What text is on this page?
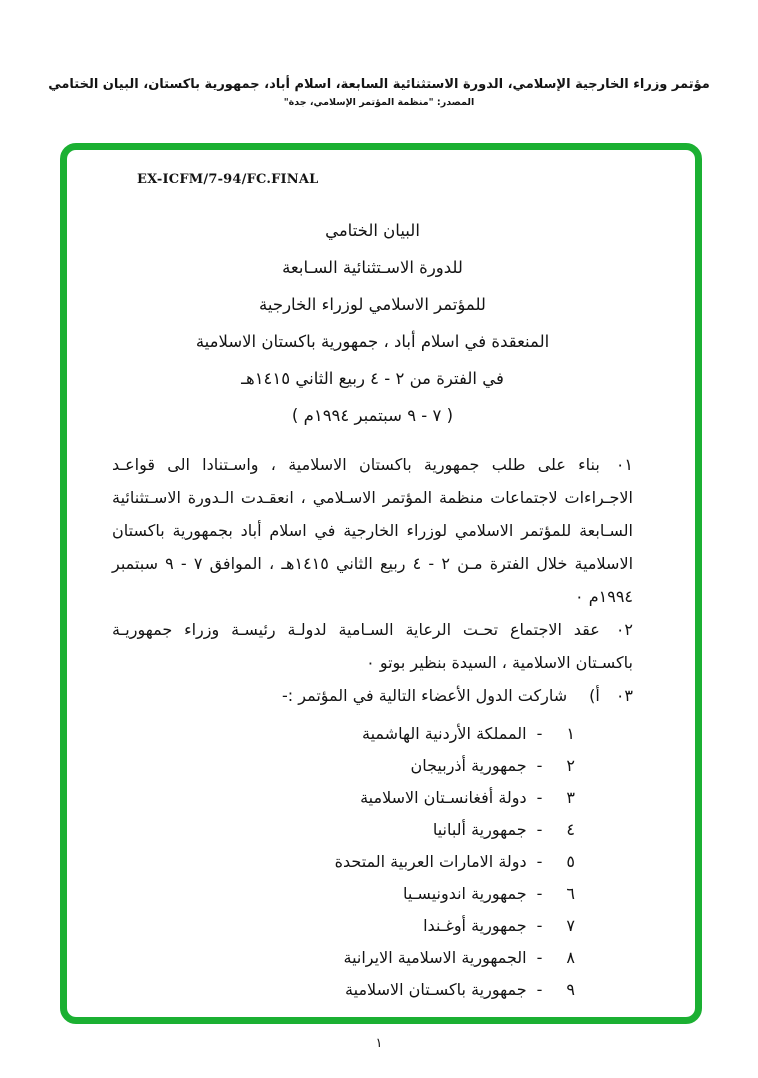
مؤتمر وزراء الخارجية الإسلامي، الدورة الاستثنائية السابعة، اسلام أباد، جمهورية باكستان، البيان الختامي
المصدر: "منظمة المؤتمر الإسلامي، جدة"
EX-ICFM/7-94/FC.FINAL
البيان الختامي
للدورة الاسـتثنائية السـابعة
للمؤتمر الاسلامي لوزراء الخارجية
المنعقدة في اسلام أباد ، جمهورية باكستان الاسلامية
في الفترة من ٢ - ٤ ربيع الثاني ١٤١٥هـ
( ٧ - ٩ سبتمبر ١٩٩٤م )

٠١بناء على طلب جمهورية باكستان الاسلامية ، واسـتنادا الى قواعـد الاجـراءات لاجتماعات منظمة المؤتمر الاسـلامي ، انعقـدت الـدورة الاسـتثنائية السـابعة للمؤتمر الاسلامي لوزراء الخارجية في اسلام أباد بجمهورية باكستان الاسلامية خلال الفترة مـن ٢ - ٤ ربيع الثاني ١٤١٥هـ ، الموافق ٧ - ٩ سبتمبر ١٩٩٤م ٠

٠٢عقد الاجتماع تحـت الرعاية السـامية لدولـة رئيسـة وزراء جمهوريـة باكسـتان الاسلامية ، السيدة بنظير بوتو ٠

٠٣أ)شاركت الدول الأعضاء التالية في المؤتمر :-

١-المملكة الأردنية الهاشمية
٢-جمهورية أذربيجان
٣-دولة أفغانسـتان الاسلامية
٤-جمهورية ألبانيا
٥-دولة الامارات العربية المتحدة
٦-جمهورية اندونيسـيا
٧-جمهورية أوغـندا
٨-الجمهورية الاسلامية الايرانية
٩-جمهورية باكسـتان الاسلامية
١
